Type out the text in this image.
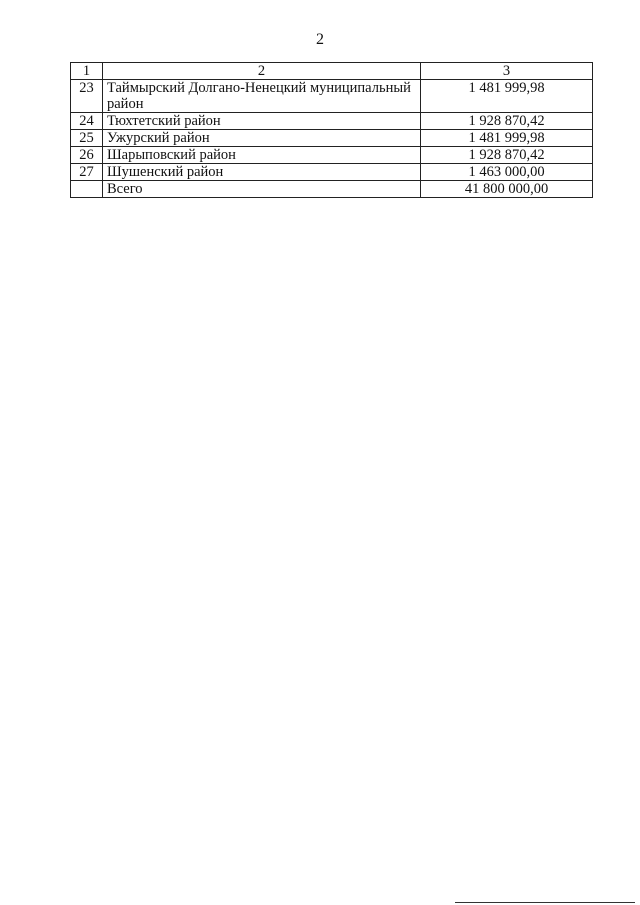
2
1	2	3
23	Таймырский Долгано-Ненецкий муниципальный район	1 481 999,98
24	Тюхтетский район	1 928 870,42
25	Ужурский район	1 481 999,98
26	Шарыповский район	1 928 870,42
27	Шушенский район	1 463 000,00
	Всего	41 800 000,00
